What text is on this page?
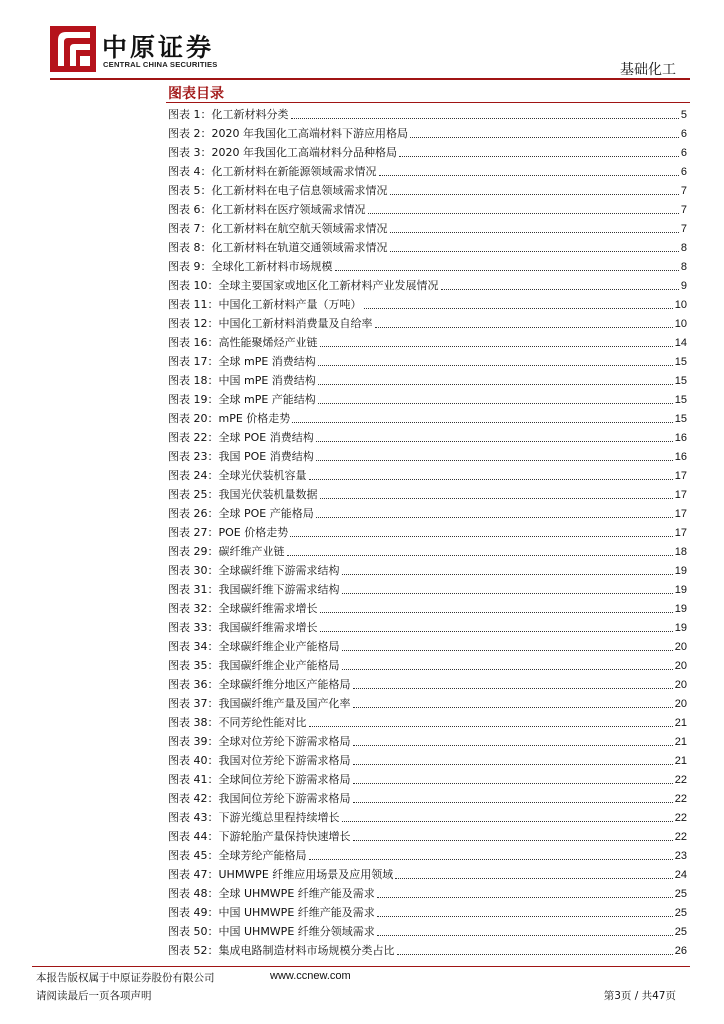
中原证券
CENTRAL CHINA SECURITIES	基础化工
图表目录
图表 1：化工新材料分类	5
图表 2：2020 年我国化工高端材料下游应用格局	6
图表 3：2020 年我国化工高端材料分品种格局	6
图表 4：化工新材料在新能源领域需求情况	6
图表 5：化工新材料在电子信息领域需求情况	7
图表 6：化工新材料在医疗领域需求情况	7
图表 7：化工新材料在航空航天领域需求情况	7
图表 8：化工新材料在轨道交通领域需求情况	8
图表 9：全球化工新材料市场规模	8
图表 10：全球主要国家或地区化工新材料产业发展情况	9
图表 11：中国化工新材料产量（万吨）	10
图表 12：中国化工新材料消费量及自给率	10
图表 16：高性能聚烯烃产业链	14
图表 17：全球 mPE 消费结构	15
图表 18：中国 mPE 消费结构	15
图表 19：全球 mPE 产能结构	15
图表 20：mPE 价格走势	15
图表 22：全球 POE 消费结构	16
图表 23：我国 POE 消费结构	16
图表 24：全球光伏装机容量	17
图表 25：我国光伏装机量数据	17
图表 26：全球 POE 产能格局	17
图表 27：POE 价格走势	17
图表 29：碳纤维产业链	18
图表 30：全球碳纤维下游需求结构	19
图表 31：我国碳纤维下游需求结构	19
图表 32：全球碳纤维需求增长	19
图表 33：我国碳纤维需求增长	19
图表 34：全球碳纤维企业产能格局	20
图表 35：我国碳纤维企业产能格局	20
图表 36：全球碳纤维分地区产能格局	20
图表 37：我国碳纤维产量及国产化率	20
图表 38：不同芳纶性能对比	21
图表 39：全球对位芳纶下游需求格局	21
图表 40：我国对位芳纶下游需求格局	21
图表 41：全球间位芳纶下游需求格局	22
图表 42：我国间位芳纶下游需求格局	22
图表 43：下游光缆总里程持续增长	22
图表 44：下游轮胎产量保持快速增长	22
图表 45：全球芳纶产能格局	23
图表 47：UHMWPE 纤维应用场景及应用领域	24
图表 48：全球 UHMWPE 纤维产能及需求	25
图表 49：中国 UHMWPE 纤维产能及需求	25
图表 50：中国 UHMWPE 纤维分领域需求	25
图表 52：集成电路制造材料市场规模分类占比	26
本报告版权属于中原证券股份有限公司	www.ccnew.com
请阅读最后一页各项声明	第3页 / 共47页
